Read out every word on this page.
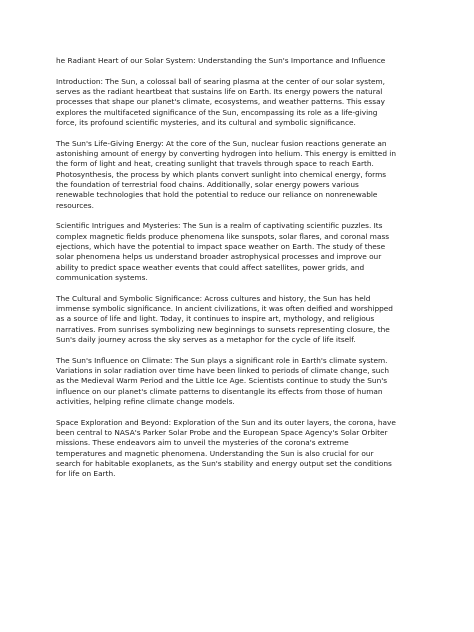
he Radiant Heart of our Solar System: Understanding the Sun's Importance and Influence

Introduction: The Sun, a colossal ball of searing plasma at the center of our solar system, serves as the radiant heartbeat that sustains life on Earth. Its energy powers the natural processes that shape our planet's climate, ecosystems, and weather patterns. This essay explores the multifaceted significance of the Sun, encompassing its role as a life-giving force, its profound scientific mysteries, and its cultural and symbolic significance.

The Sun's Life-Giving Energy: At the core of the Sun, nuclear fusion reactions generate an astonishing amount of energy by converting hydrogen into helium. This energy is emitted in the form of light and heat, creating sunlight that travels through space to reach Earth. Photosynthesis, the process by which plants convert sunlight into chemical energy, forms the foundation of terrestrial food chains. Additionally, solar energy powers various renewable technologies that hold the potential to reduce our reliance on nonrenewable resources.

Scientific Intrigues and Mysteries: The Sun is a realm of captivating scientific puzzles. Its complex magnetic fields produce phenomena like sunspots, solar flares, and coronal mass ejections, which have the potential to impact space weather on Earth. The study of these solar phenomena helps us understand broader astrophysical processes and improve our ability to predict space weather events that could affect satellites, power grids, and communication systems.

The Cultural and Symbolic Significance: Across cultures and history, the Sun has held immense symbolic significance. In ancient civilizations, it was often deified and worshipped as a source of life and light. Today, it continues to inspire art, mythology, and religious narratives. From sunrises symbolizing new beginnings to sunsets representing closure, the Sun's daily journey across the sky serves as a metaphor for the cycle of life itself.

The Sun's Influence on Climate: The Sun plays a significant role in Earth's climate system. Variations in solar radiation over time have been linked to periods of climate change, such as the Medieval Warm Period and the Little Ice Age. Scientists continue to study the Sun's influence on our planet's climate patterns to disentangle its effects from those of human activities, helping refine climate change models.

Space Exploration and Beyond: Exploration of the Sun and its outer layers, the corona, have been central to NASA's Parker Solar Probe and the European Space Agency's Solar Orbiter missions. These endeavors aim to unveil the mysteries of the corona's extreme temperatures and magnetic phenomena. Understanding the Sun is also crucial for our search for habitable exoplanets, as the Sun's stability and energy output set the conditions for life on Earth.
